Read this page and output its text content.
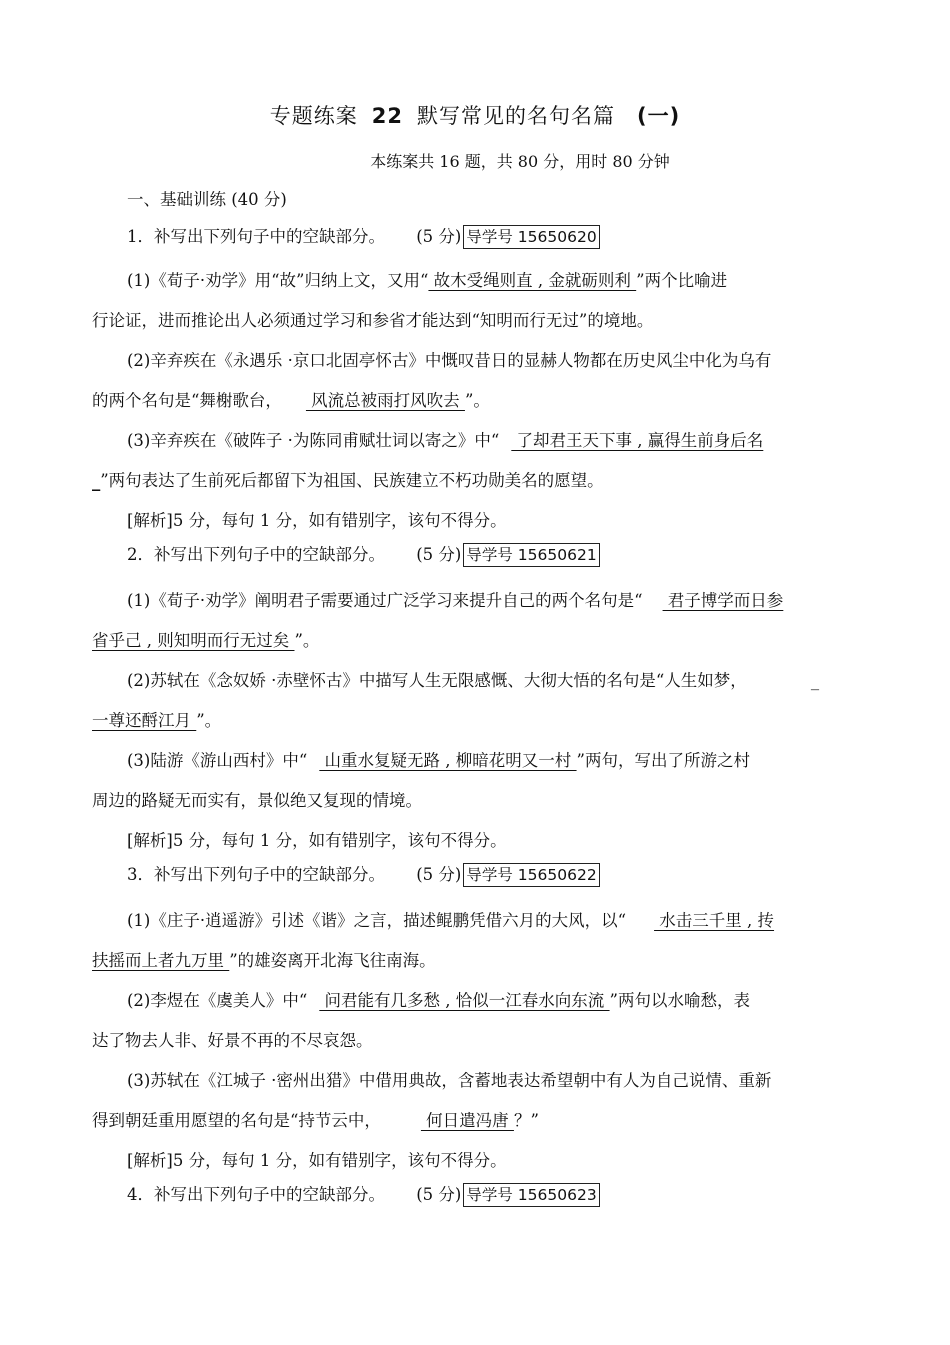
专题练案 22 默写常见的名句名篇 (一)
本练案共 16 题，共 80 分，用时 80 分钟
一、基础训练 (40 分)
1．补写出下列句子中的空缺部分。 (5 分) 导学号 15650620
(1)《荀子·劝学》用“故”归纳上文，又用“ 故木受绳则直 , 金就砺则利 ”两个比喻进
行论证，进而推论出人必须通过学习和参省才能达到“知明而行无过”的境地。
(2)辛弃疾在《永遇乐 ·京口北固亭怀古》中慨叹昔日的显赫人物都在历史风尘中化为乌有
的两个名句是“舞榭歌台， 风流总被雨打风吹去 ”。
(3)辛弃疾在《破阵子 ·为陈同甫赋壮词以寄之》中“ 了却君王天下事 , 赢得生前身后名
_”两句表达了生前死后都留下为祖国、民族建立不朽功勋美名的愿望。
[解析]5 分，每句 1 分，如有错别字，该句不得分。
2．补写出下列句子中的空缺部分。 (5 分) 导学号 15650621
(1)《荀子·劝学》阐明君子需要通过广泛学习来提升自己的两个名句是“ 君子博学而日参
省乎己 , 则知明而行无过矣 ”。
(2)苏轼在《念奴娇 ·赤壁怀古》中描写人生无限感慨、大彻大悟的名句是“人生如梦，	_
一尊还酹江月 ”。
(3)陆游《游山西村》中“ 山重水复疑无路 , 柳暗花明又一村 ”两句，写出了所游之村
周边的路疑无而实有，景似绝又复现的情境。
[解析]5 分，每句 1 分，如有错别字，该句不得分。
3．补写出下列句子中的空缺部分。 (5 分) 导学号 15650622
(1)《庄子·逍遥游》引述《谐》之言，描述鲲鹏凭借六月的大风，以“ 水击三千里 , 抟
扶摇而上者九万里 ”的雄姿离开北海飞往南海。
(2)李煜在《虞美人》中“ 问君能有几多愁 , 恰似一江春水向东流 ”两句以水喻愁，表
达了物去人非、好景不再的不尽哀怨。
(3)苏轼在《江城子 ·密州出猎》中借用典故，含蓄地表达希望朝中有人为自己说情、重新
得到朝廷重用愿望的名句是“持节云中， 何日遣冯唐 ？”
[解析]5 分，每句 1 分，如有错别字，该句不得分。
4．补写出下列句子中的空缺部分。 (5 分) 导学号 15650623
